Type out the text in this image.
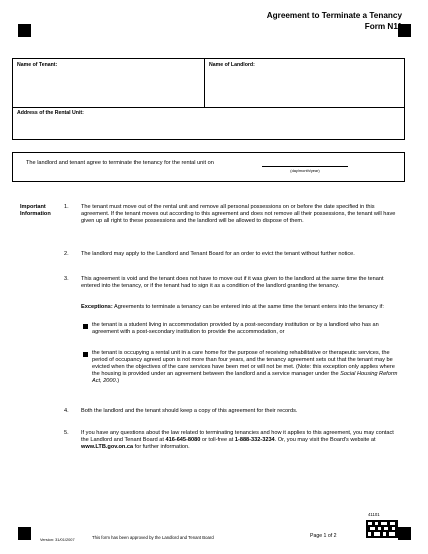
Agreement to Terminate a Tenancy
Form N11
Name of Tenant:	Name of Landlord:
Address of the Rental Unit:
The landlord and tenant agree to terminate the tenancy for the rental unit on
(day/month/year)
Important
Information
1. The tenant must move out of the rental unit and remove all personal possessions on or before the date specified in this agreement. If the tenant moves out according to this agreement and does not remove all their possessions, the tenant will have given up all right to these possessions and the landlord will be allowed to dispose of them.
2. The landlord may apply to the Landlord and Tenant Board for an order to evict the tenant without further notice.
3. This agreement is void and the tenant does not have to move out if it was given to the landlord at the same time the tenant entered into the tenancy, or if the tenant had to sign it as a condition of the landlord granting the tenancy.
Exceptions: Agreements to terminate a tenancy can be entered into at the same time the tenant enters into the tenancy if:
the tenant is a student living in accommodation provided by a post-secondary institution or by a landlord who has an agreement with a post-secondary institution to provide the accommodation, or
the tenant is occupying a rental unit in a care home for the purpose of receiving rehabilitative or therapeutic services, the period of occupancy agreed upon is not more than four years, and the tenancy agreement sets out that the tenant may be evicted when the objectives of the care services have been met or will not be met. (Note: this exception only applies where the housing is provided under an agreement between the landlord and a service manager under the Social Housing Reform Act, 2000.)
4. Both the landlord and the tenant should keep a copy of this agreement for their records.
5. If you have any questions about the law related to terminating tenancies and how it applies to this agreement, you may contact the Landlord and Tenant Board at 416-645-8080 or toll-free at 1-888-332-3234. Or, you may visit the Board's website at www.LTB.gov.on.ca for further information.
Version: 31/01/2007	This form has been approved by the Landlord and Tenant Board	Page 1 of 2
41101
